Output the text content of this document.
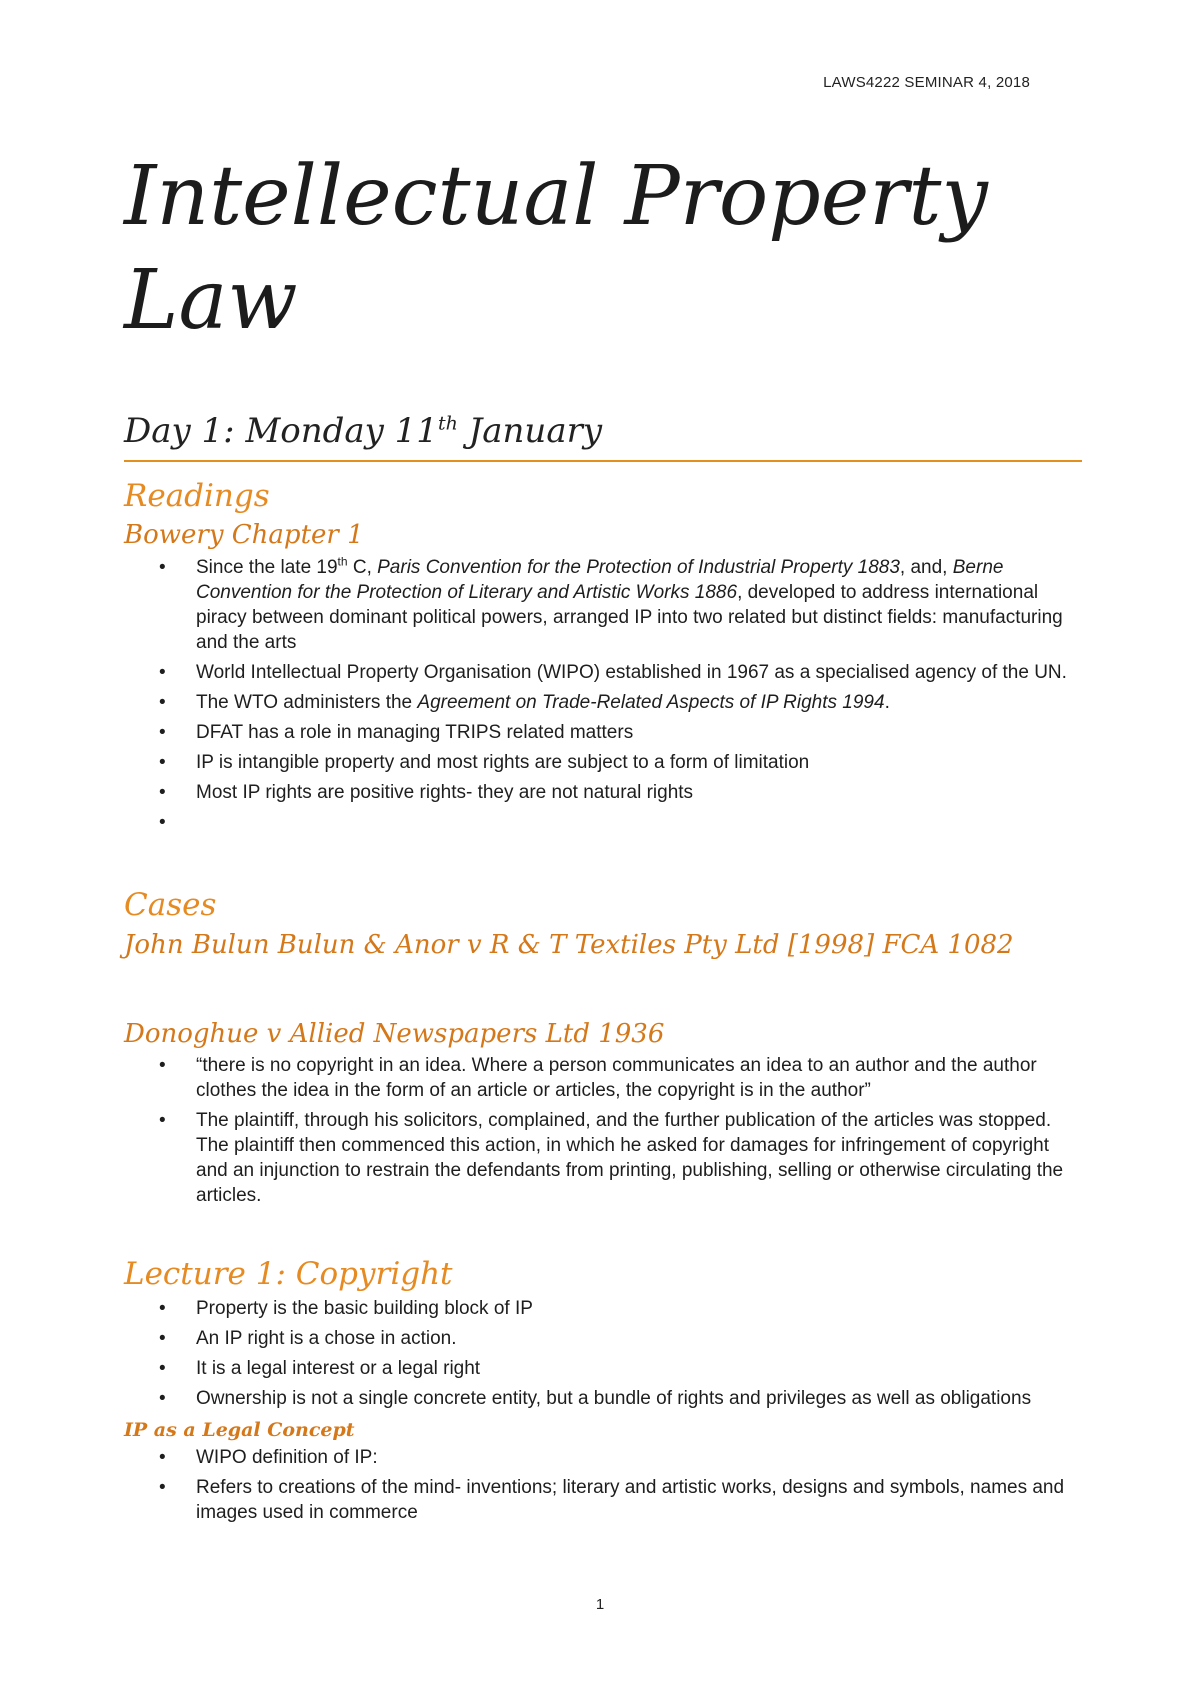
LAWS4222 SEMINAR 4, 2018
Intellectual Property
Law
Day 1: Monday 11th January
Readings
Bowery Chapter 1
• Since the late 19th C, Paris Convention for the Protection of Industrial Property 1883, and, Berne Convention for the Protection of Literary and Artistic Works 1886, developed to address international piracy between dominant political powers, arranged IP into two related but distinct fields: manufacturing and the arts
• World Intellectual Property Organisation (WIPO) established in 1967 as a specialised agency of the UN.
• The WTO administers the Agreement on Trade-Related Aspects of IP Rights 1994.
• DFAT has a role in managing TRIPS related matters
• IP is intangible property and most rights are subject to a form of limitation
• Most IP rights are positive rights- they are not natural rights
•

Cases
John Bulun Bulun & Anor v R & T Textiles Pty Ltd [1998] FCA 1082
Donoghue v Allied Newspapers Ltd 1936
• “there is no copyright in an idea. Where a person communicates an idea to an author and the author clothes the idea in the form of an article or articles, the copyright is in the author”
• The plaintiff, through his solicitors, complained, and the further publication of the articles was stopped. The plaintiff then commenced this action, in which he asked for damages for infringement of copyright and an injunction to restrain the defendants from printing, publishing, selling or otherwise circulating the articles.
Lecture 1: Copyright
• Property is the basic building block of IP
• An IP right is a chose in action.
• It is a legal interest or a legal right
• Ownership is not a single concrete entity, but a bundle of rights and privileges as well as obligations
IP as a Legal Concept
• WIPO definition of IP:
• Refers to creations of the mind- inventions; literary and artistic works, designs and symbols, names and images used in commerce
1
